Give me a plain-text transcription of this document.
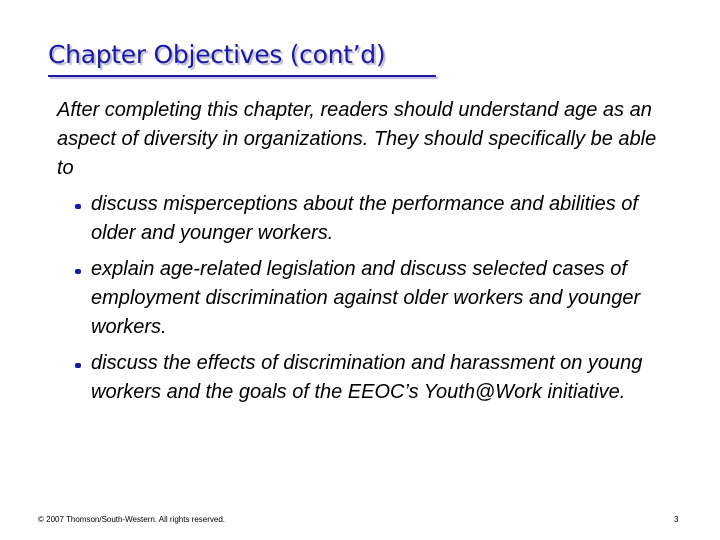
Chapter Objectives (cont’d)

After completing this chapter, readers should understand age as an aspect of diversity in organizations. They should specifically be able to

discuss misperceptions about the performance and abilities of older and younger workers.
explain age-related legislation and discuss selected cases of employment discrimination against older workers and younger workers.
discuss the effects of discrimination and harassment on young workers and the goals of the EEOC’s Youth@Work initiative.
© 2007 Thomson/South-Western. All rights reserved.	3
